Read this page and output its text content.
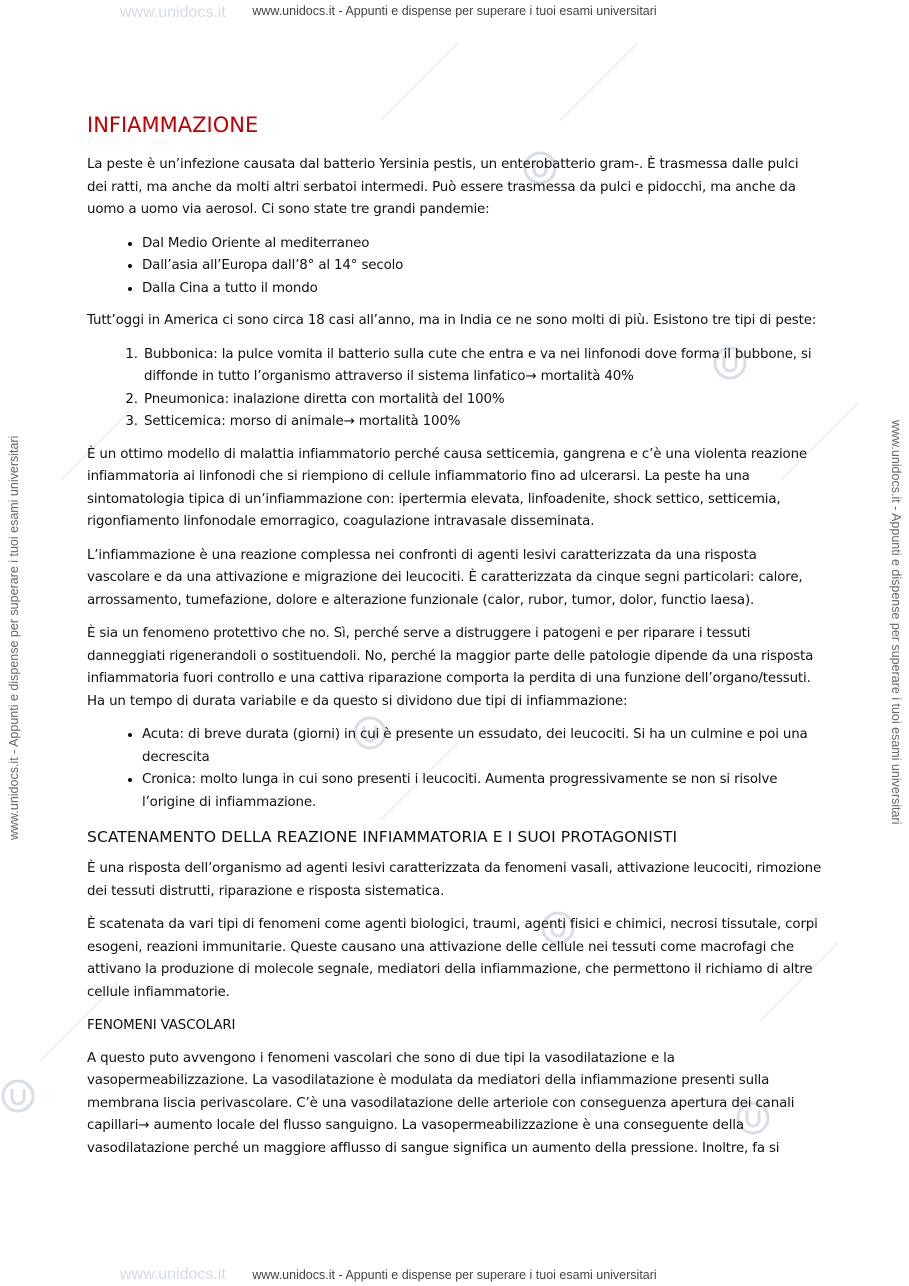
www.unidocs.it - Appunti e dispense per superare i tuoi esami universitari
www.unidocs.it - Appunti e dispense per superare i tuoi esami universitari
www.unidocs.it - Appunti e dispense per superare i tuoi esami universitari	www.unidocs.it - Appunti e dispense per superare i tuoi esami universitari
www.unidocs.it
www.unidocs.it
INFIAMMAZIONE

La peste è un’infezione causata dal batterio Yersinia pestis, un enterobatterio gram-. È trasmessa dalle pulci dei ratti, ma anche da molti altri serbatoi intermedi. Può essere trasmessa da pulci e pidocchi, ma anche da uomo a uomo via aerosol. Ci sono state tre grandi pandemie:

• Dal Medio Oriente al mediterraneo
• Dall’asia all’Europa dall’8° al 14° secolo
• Dalla Cina a tutto il mondo

Tutt’oggi in America ci sono circa 18 casi all’anno, ma in India ce ne sono molti di più. Esistono tre tipi di peste:

1. Bubbonica: la pulce vomita il batterio sulla cute che entra e va nei linfonodi dove forma il bubbone, si diffonde in tutto l’organismo attraverso il sistema linfatico→ mortalità 40%
2. Pneumonica: inalazione diretta con mortalità del 100%
3. Setticemica: morso di animale→ mortalità 100%

È un ottimo modello di malattia infiammatorio perché causa setticemia, gangrena e c’è una violenta reazione infiammatoria ai linfonodi che si riempiono di cellule infiammatorio fino ad ulcerarsi. La peste ha una sintomatologia tipica di un’infiammazione con: ipertermia elevata, linfoadenite, shock settico, setticemia, rigonfiamento linfonodale emorragico, coagulazione intravasale disseminata.

L’infiammazione è una reazione complessa nei confronti di agenti lesivi caratterizzata da una risposta vascolare e da una attivazione e migrazione dei leucociti. È caratterizzata da cinque segni particolari: calore, arrossamento, tumefazione, dolore e alterazione funzionale (calor, rubor, tumor, dolor, functio laesa).

È sia un fenomeno protettivo che no. Sì, perché serve a distruggere i patogeni e per riparare i tessuti danneggiati rigenerandoli o sostituendoli. No, perché la maggior parte delle patologie dipende da una risposta infiammatoria fuori controllo e una cattiva riparazione comporta la perdita di una funzione dell’organo/tessuti. Ha un tempo di durata variabile e da questo si dividono due tipi di infiammazione:

• Acuta: di breve durata (giorni) in cui è presente un essudato, dei leucociti. Si ha un culmine e poi una decrescita
• Cronica: molto lunga in cui sono presenti i leucociti. Aumenta progressivamente se non si risolve l’origine di infiammazione.
SCATENAMENTO DELLA REAZIONE INFIAMMATORIA E I SUOI PROTAGONISTI

È una risposta dell’organismo ad agenti lesivi caratterizzata da fenomeni vasali, attivazione leucociti, rimozione dei tessuti distrutti, riparazione e risposta sistematica.

È scatenata da vari tipi di fenomeni come agenti biologici, traumi, agenti fisici e chimici, necrosi tissutale, corpi esogeni, reazioni immunitarie. Queste causano una attivazione delle cellule nei tessuti come macrofagi che attivano la produzione di molecole segnale, mediatori della infiammazione, che permettono il richiamo di altre cellule infiammatorie.

FENOMENI VASCOLARI

A questo puto avvengono i fenomeni vascolari che sono di due tipi la vasodilatazione e la vasopermeabilizzazione. La vasodilatazione è modulata da mediatori della infiammazione presenti sulla membrana liscia perivascolare. C’è una vasodilatazione delle arteriole con conseguenza apertura dei canali capillari→ aumento locale del flusso sanguigno. La vasopermeabilizzazione è una conseguente della vasodilatazione perché un maggiore afflusso di sangue significa un aumento della pressione. Inoltre, fa si
